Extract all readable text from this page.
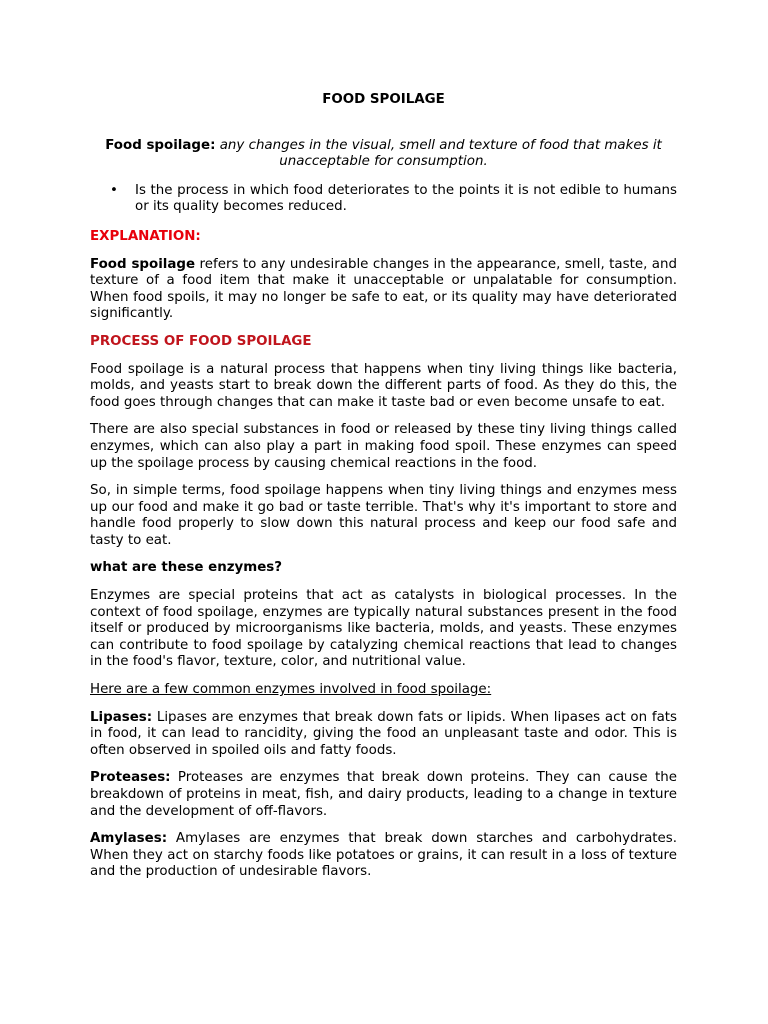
FOOD SPOILAGE
Food spoilage: any changes in the visual, smell and texture of food that makes it unacceptable for consumption.
• Is the process in which food deteriorates to the points it is not edible to humans or its quality becomes reduced.
EXPLANATION:

Food spoilage refers to any undesirable changes in the appearance, smell, taste, and texture of a food item that make it unacceptable or unpalatable for consumption. When food spoils, it may no longer be safe to eat, or its quality may have deteriorated significantly.

PROCESS OF FOOD SPOILAGE

Food spoilage is a natural process that happens when tiny living things like bacteria, molds, and yeasts start to break down the different parts of food. As they do this, the food goes through changes that can make it taste bad or even become unsafe to eat.

There are also special substances in food or released by these tiny living things called enzymes, which can also play a part in making food spoil. These enzymes can speed up the spoilage process by causing chemical reactions in the food.

So, in simple terms, food spoilage happens when tiny living things and enzymes mess up our food and make it go bad or taste terrible. That's why it's important to store and handle food properly to slow down this natural process and keep our food safe and tasty to eat.

what are these enzymes?

Enzymes are special proteins that act as catalysts in biological processes. In the context of food spoilage, enzymes are typically natural substances present in the food itself or produced by microorganisms like bacteria, molds, and yeasts. These enzymes can contribute to food spoilage by catalyzing chemical reactions that lead to changes in the food's flavor, texture, color, and nutritional value.

Here are a few common enzymes involved in food spoilage:

Lipases: Lipases are enzymes that break down fats or lipids. When lipases act on fats in food, it can lead to rancidity, giving the food an unpleasant taste and odor. This is often observed in spoiled oils and fatty foods.

Proteases: Proteases are enzymes that break down proteins. They can cause the breakdown of proteins in meat, fish, and dairy products, leading to a change in texture and the development of off-flavors.

Amylases: Amylases are enzymes that break down starches and carbohydrates. When they act on starchy foods like potatoes or grains, it can result in a loss of texture and the production of undesirable flavors.
